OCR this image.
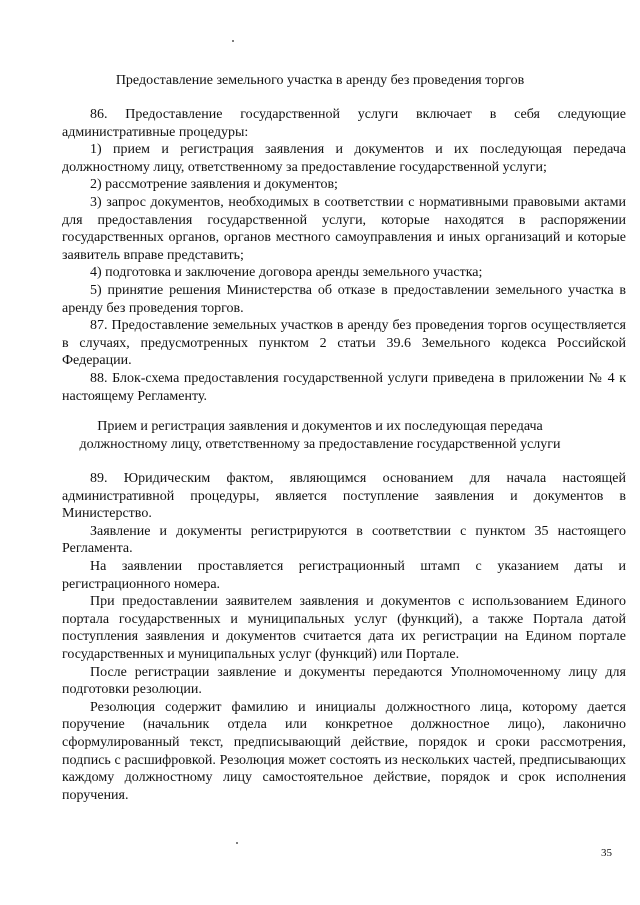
Предоставление земельного участка в аренду без проведения торгов

86. Предоставление государственной услуги включает в себя следующие административные процедуры:

1) прием и регистрация заявления и документов и их последующая передача должностному лицу, ответственному за предоставление государственной услуги;

2) рассмотрение заявления и документов;

3) запрос документов, необходимых в соответствии с нормативными правовыми актами для предоставления государственной услуги, которые находятся в распоряжении государственных органов, органов местного самоуправления и иных организаций и которые заявитель вправе представить;

4) подготовка и заключение договора аренды земельного участка;

5) принятие решения Министерства об отказе в предоставлении земельного участка в аренду без проведения торгов.

87. Предоставление земельных участков в аренду без проведения торгов осуществляется в случаях, предусмотренных пунктом 2 статьи 39.6 Земельного кодекса Российской Федерации.

88. Блок-схема предоставления государственной услуги приведена в приложении № 4 к настоящему Регламенту.

Прием и регистрация заявления и документов и их последующая передача
должностному лицу, ответственному за предоставление государственной услуги

89. Юридическим фактом, являющимся основанием для начала настоящей административной процедуры, является поступление заявления и документов в Министерство.

Заявление и документы регистрируются в соответствии с пунктом 35 настоящего Регламента.

На заявлении проставляется регистрационный штамп с указанием даты и регистрационного номера.

При предоставлении заявителем заявления и документов с использованием Единого портала государственных и муниципальных услуг (функций), а также Портала датой поступления заявления и документов считается дата их регистрации на Едином портале государственных и муниципальных услуг (функций) или Портале.

После регистрации заявление и документы передаются Уполномоченному лицу для подготовки резолюции.

Резолюция содержит фамилию и инициалы должностного лица, которому дается поручение (начальник отдела или конкретное должностное лицо), лаконично сформулированный текст, предписывающий действие, порядок и сроки рассмотрения, подпись с расшифровкой. Резолюция может состоять из нескольких частей, предписывающих каждому должностному лицу самостоятельное действие, порядок и срок исполнения поручения.

35
